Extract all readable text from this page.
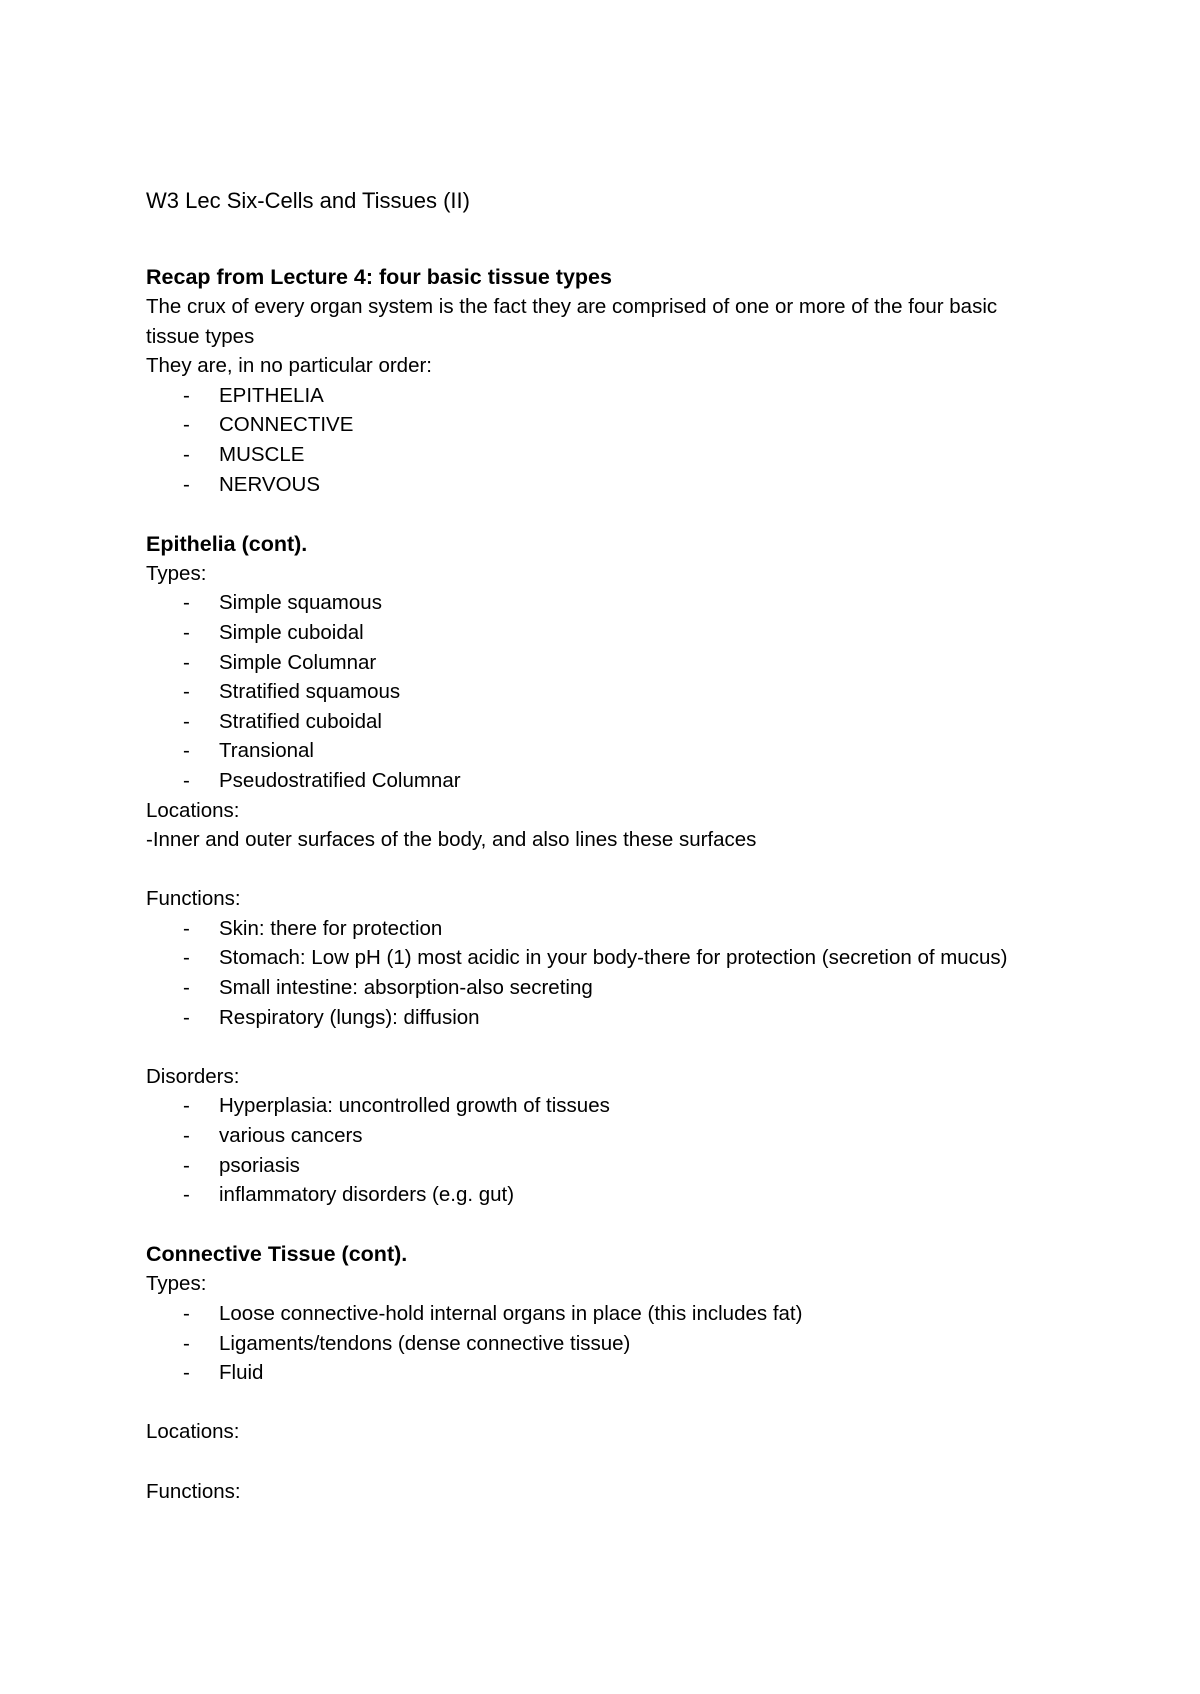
W3 Lec Six-Cells and Tissues (II)

Recap from Lecture 4: four basic tissue types

The crux of every organ system is the fact they are comprised of one or more of the four basic tissue types

They are, in no particular order:

- EPITHELIA
- CONNECTIVE
- MUSCLE
- NERVOUS

Epithelia (cont).

Types:

- Simple squamous
- Simple cuboidal
- Simple Columnar
- Stratified squamous
- Stratified cuboidal
- Transional
- Pseudostratified Columnar

Locations:

-Inner and outer surfaces of the body, and also lines these surfaces

Functions:

- Skin: there for protection
- Stomach: Low pH (1) most acidic in your body-there for protection (secretion of mucus)
- Small intestine: absorption-also secreting
- Respiratory (lungs): diffusion

Disorders:

- Hyperplasia: uncontrolled growth of tissues
- various cancers
- psoriasis
- inflammatory disorders (e.g. gut)

Connective Tissue (cont).

Types:

- Loose connective-hold internal organs in place (this includes fat)
- Ligaments/tendons (dense connective tissue)
- Fluid

Locations:

Functions:
